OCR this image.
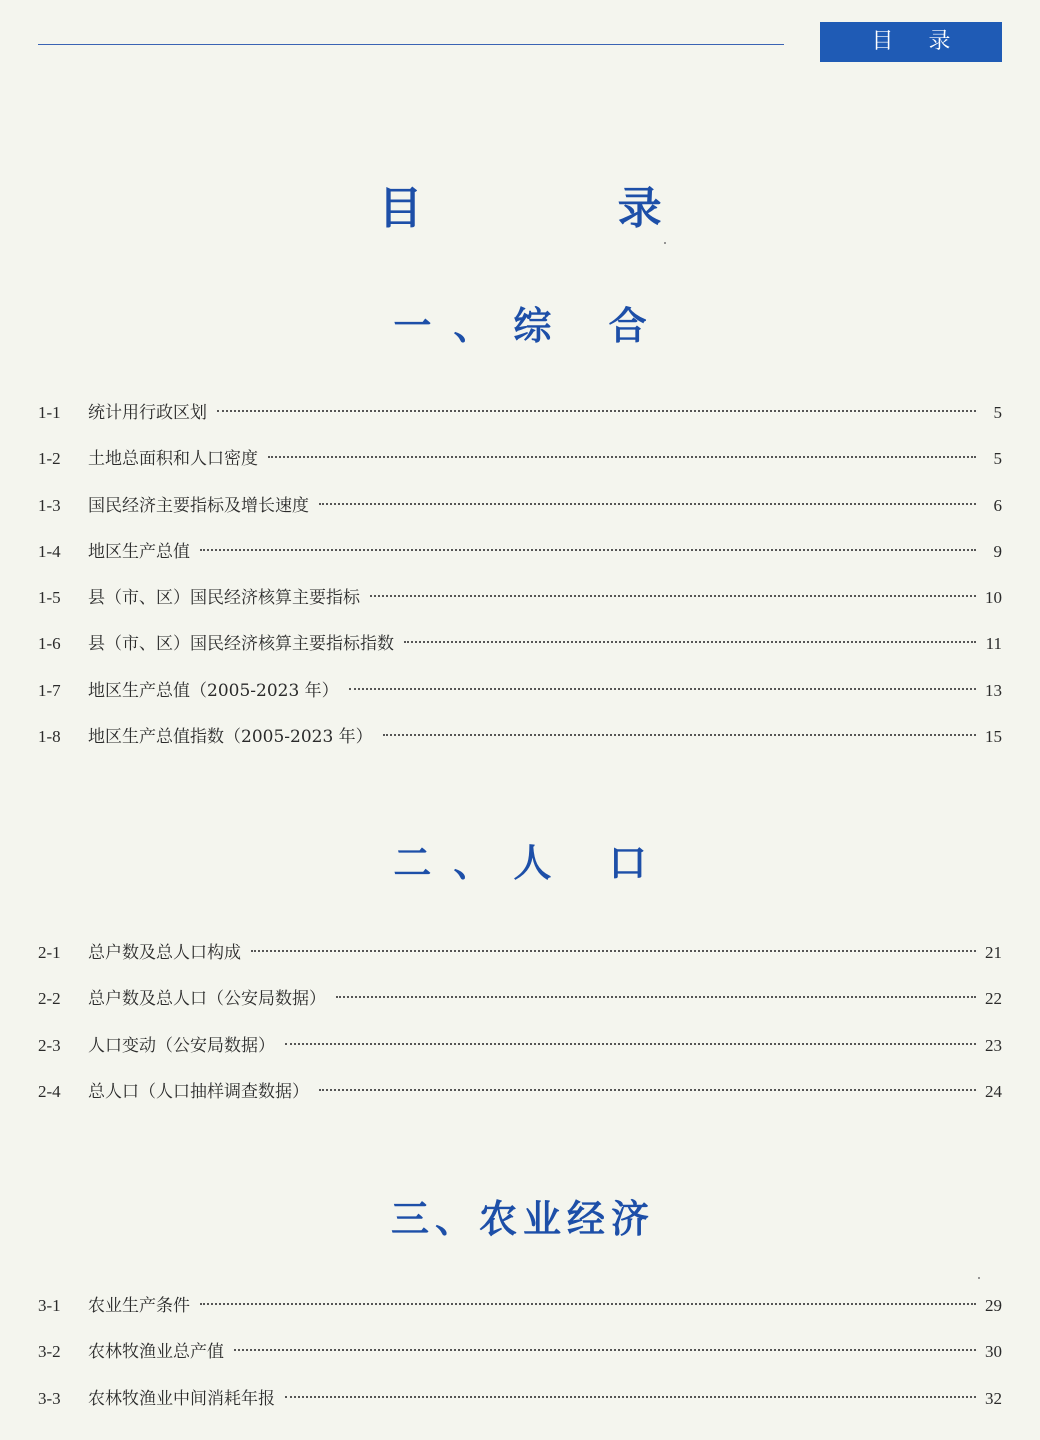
目 录
目 录
一、综 合
1-1	统计用行政区划	5
1-2	土地总面积和人口密度	5
1-3	国民经济主要指标及增长速度	6
1-4	地区生产总值	9
1-5	县（市、区）国民经济核算主要指标	10
1-6	县（市、区）国民经济核算主要指标指数	11
1-7	地区生产总值（2005-2023 年）	13
1-8	地区生产总值指数（2005-2023 年）	15
二、人 口
2-1	总户数及总人口构成	21
2-2	总户数及总人口（公安局数据）	22
2-3	人口变动（公安局数据）	23
2-4	总人口（人口抽样调查数据）	24
三、农业经济
3-1	农业生产条件	29
3-2	农林牧渔业总产值	30
3-3	农林牧渔业中间消耗年报	32
